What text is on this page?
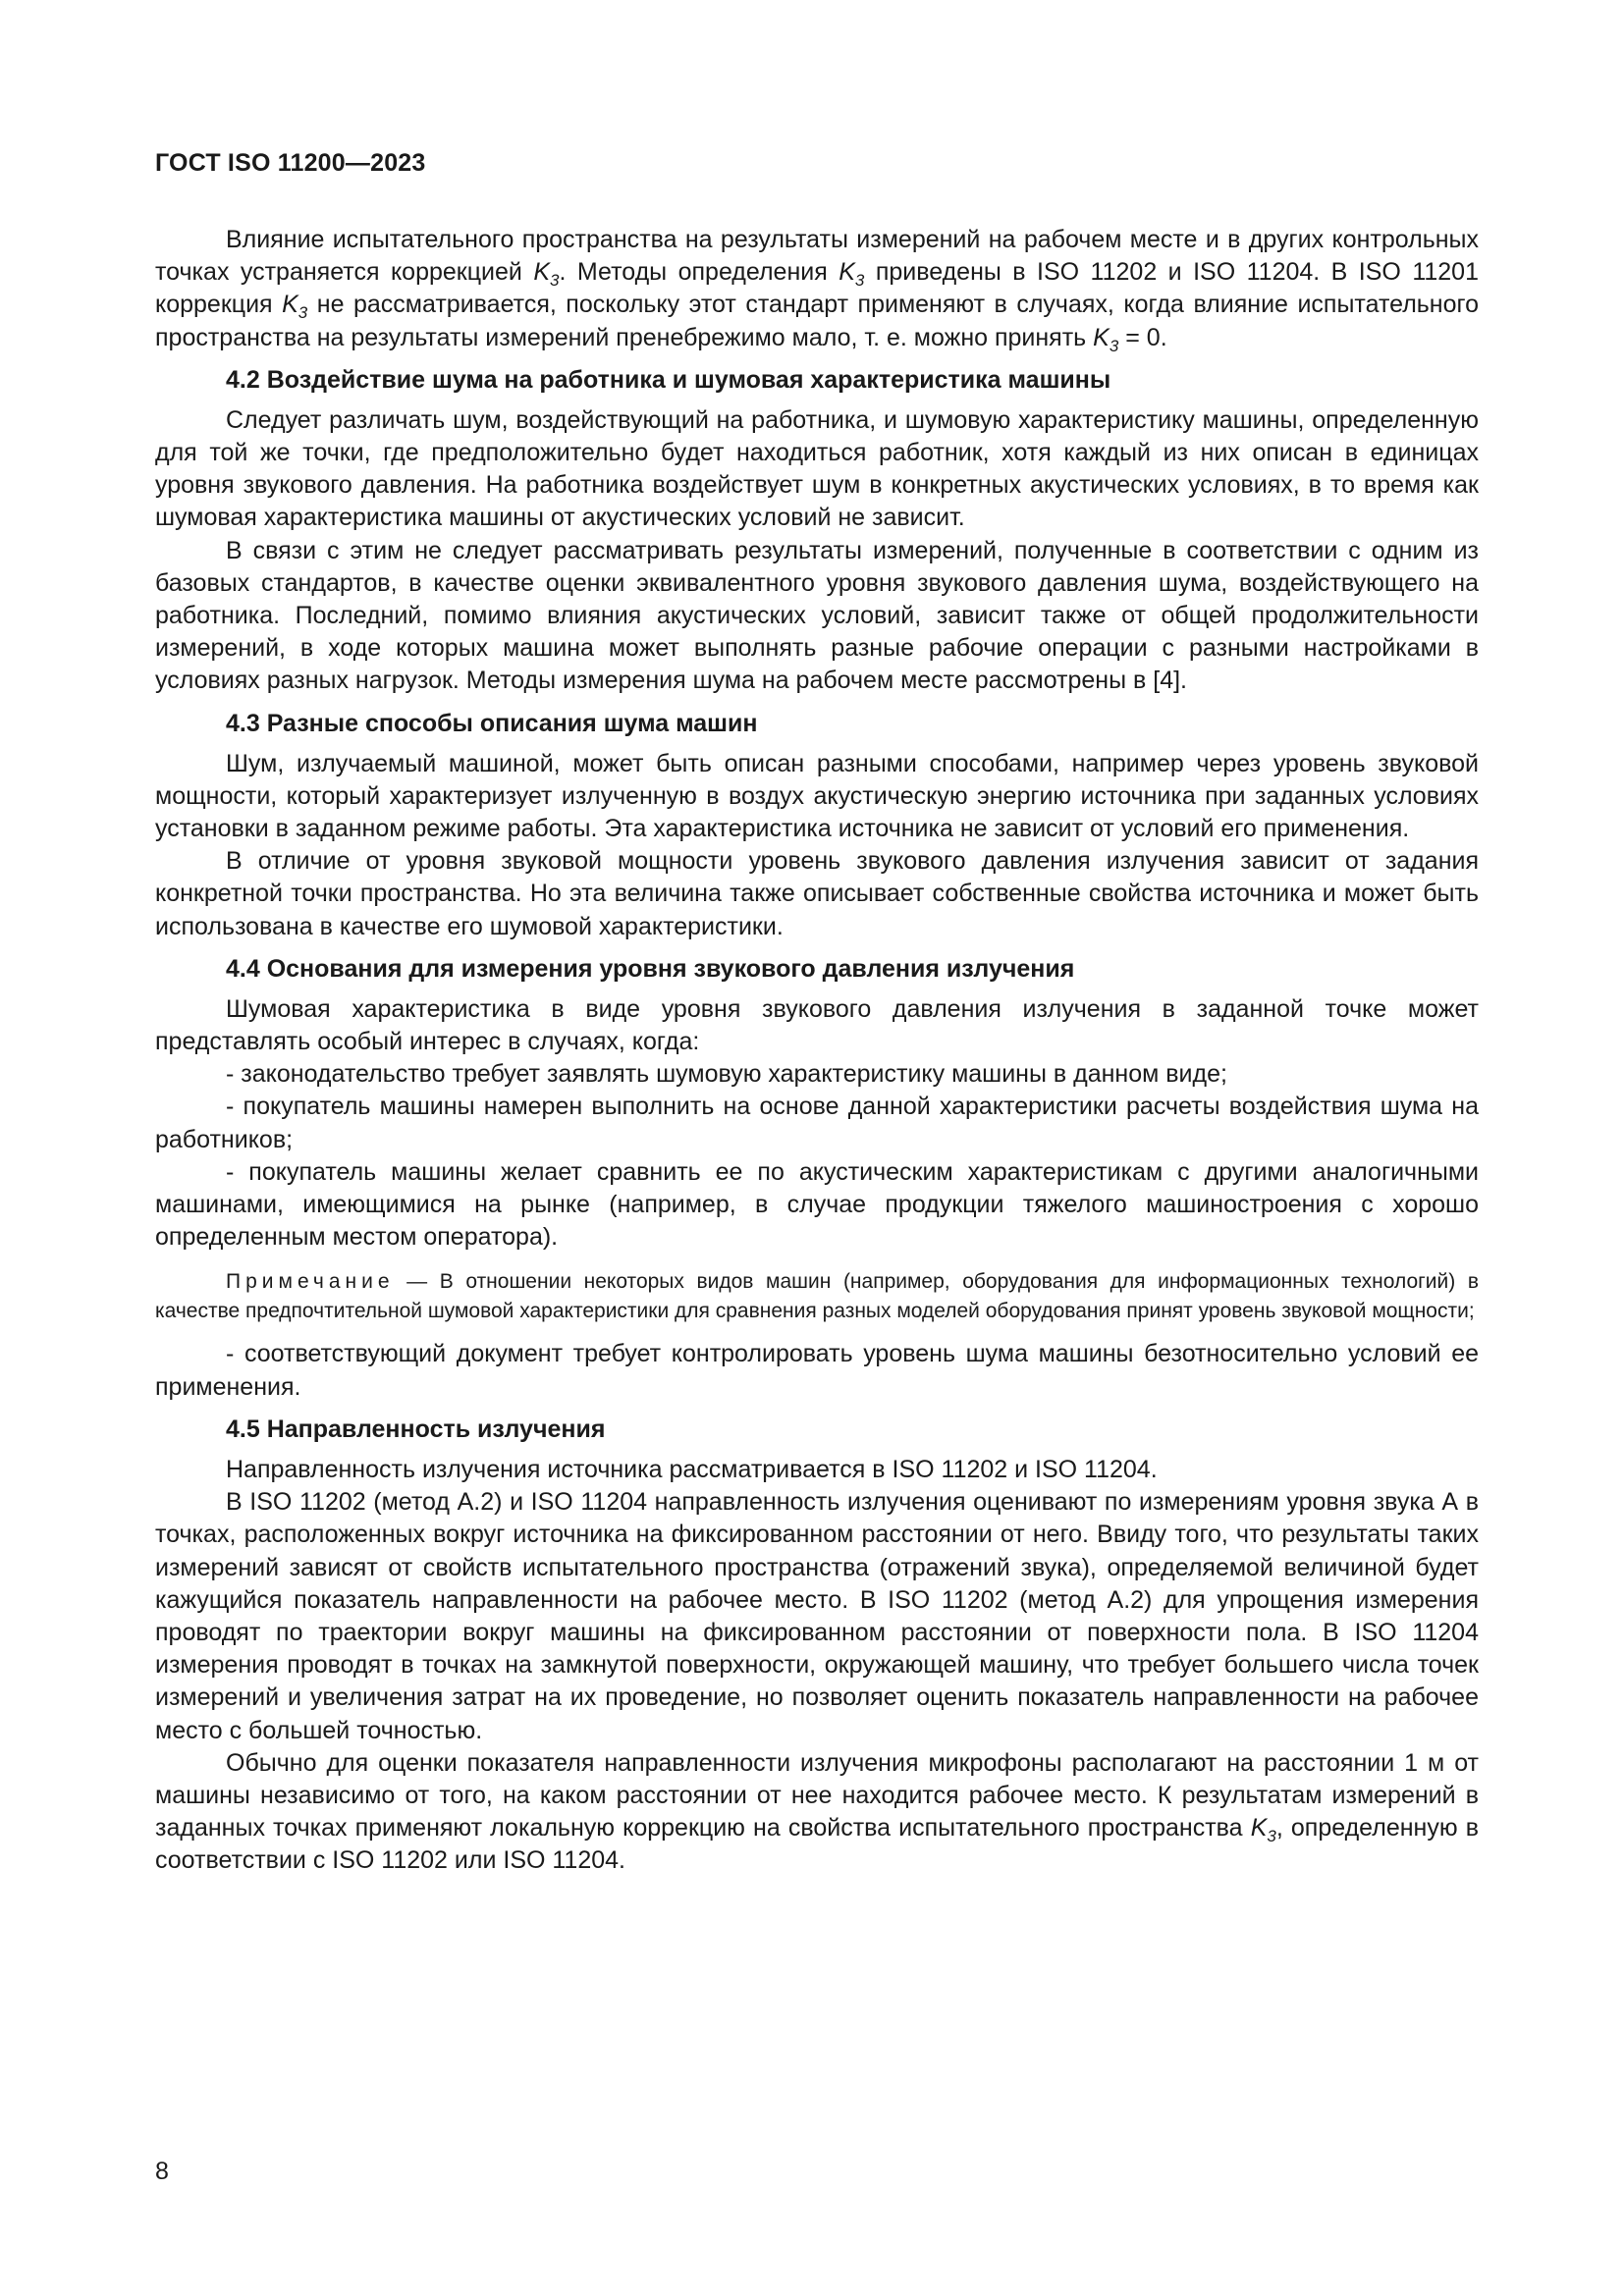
ГОСТ ISO 11200—2023

Влияние испытательного пространства на результаты измерений на рабочем месте и в других контрольных точках устраняется коррекцией $K_3$. Методы определения $K_3$ приведены в ISO 11202 и ISO 11204. В ISO 11201 коррекция $K_3$ не рассматривается, поскольку этот стандарт применяют в случаях, когда влияние испытательного пространства на результаты измерений пренебрежимо мало, т. е. можно принять $K_3 = 0$.

4.2 Воздействие шума на работника и шумовая характеристика машины

Следует различать шум, воздействующий на работника, и шумовую характеристику машины, определенную для той же точки, где предположительно будет находиться работник, хотя каждый из них описан в единицах уровня звукового давления. На работника воздействует шум в конкретных акустических условиях, в то время как шумовая характеристика машины от акустических условий не зависит.

В связи с этим не следует рассматривать результаты измерений, полученные в соответствии с одним из базовых стандартов, в качестве оценки эквивалентного уровня звукового давления шума, воздействующего на работника. Последний, помимо влияния акустических условий, зависит также от общей продолжительности измерений, в ходе которых машина может выполнять разные рабочие операции с разными настройками в условиях разных нагрузок. Методы измерения шума на рабочем месте рассмотрены в [4].

4.3 Разные способы описания шума машин

Шум, излучаемый машиной, может быть описан разными способами, например через уровень звуковой мощности, который характеризует излученную в воздух акустическую энергию источника при заданных условиях установки в заданном режиме работы. Эта характеристика источника не зависит от условий его применения.

В отличие от уровня звуковой мощности уровень звукового давления излучения зависит от задания конкретной точки пространства. Но эта величина также описывает собственные свойства источника и может быть использована в качестве его шумовой характеристики.

4.4 Основания для измерения уровня звукового давления излучения

Шумовая характеристика в виде уровня звукового давления излучения в заданной точке может представлять особый интерес в случаях, когда:

- законодательство требует заявлять шумовую характеристику машины в данном виде;

- покупатель машины намерен выполнить на основе данной характеристики расчеты воздействия шума на работников;

- покупатель машины желает сравнить ее по акустическим характеристикам с другими аналогичными машинами, имеющимися на рынке (например, в случае продукции тяжелого машиностроения с хорошо определенным местом оператора).

Примечание — В отношении некоторых видов машин (например, оборудования для информационных технологий) в качестве предпочтительной шумовой характеристики для сравнения разных моделей оборудования принят уровень звуковой мощности;

- соответствующий документ требует контролировать уровень шума машины безотносительно условий ее применения.

4.5 Направленность излучения

Направленность излучения источника рассматривается в ISO 11202 и ISO 11204.

В ISO 11202 (метод А.2) и ISO 11204 направленность излучения оценивают по измерениям уровня звука А в точках, расположенных вокруг источника на фиксированном расстоянии от него. Ввиду того, что результаты таких измерений зависят от свойств испытательного пространства (отражений звука), определяемой величиной будет кажущийся показатель направленности на рабочее место. В ISO 11202 (метод А.2) для упрощения измерения проводят по траектории вокруг машины на фиксированном расстоянии от поверхности пола. В ISO 11204 измерения проводят в точках на замкнутой поверхности, окружающей машину, что требует большего числа точек измерений и увеличения затрат на их проведение, но позволяет оценить показатель направленности на рабочее место с большей точностью.

Обычно для оценки показателя направленности излучения микрофоны располагают на расстоянии 1 м от машины независимо от того, на каком расстоянии от нее находится рабочее место. К результатам измерений в заданных точках применяют локальную коррекцию на свойства испытательного пространства $K_3$, определенную в соответствии с ISO 11202 или ISO 11204.

8
